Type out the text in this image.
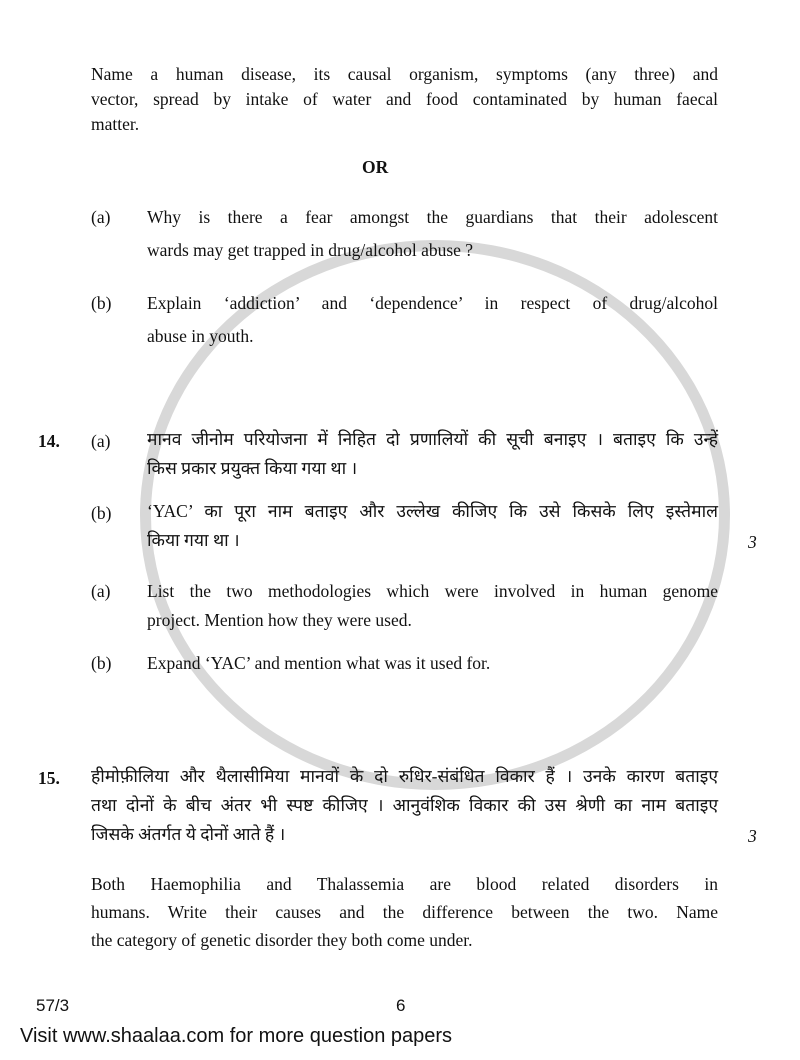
Name a human disease, its causal organism, symptoms (any three) and
vector, spread by intake of water and food contaminated by human faecal
matter.
OR
(a) Why is there a fear amongst the guardians that their adolescent
wards may get trapped in drug/alcohol abuse ?
(b) Explain ‘addiction’ and ‘dependence’ in respect of drug/alcohol
abuse in youth.
14. (a) मानव जीनोम परियोजना में निहित दो प्रणालियों की सूची बनाइए । बताइए कि उन्हें
किस प्रकार प्रयुक्त किया गया था ।
(b) ‘YAC’ का पूरा नाम बताइए और उल्लेख कीजिए कि उसे किसके लिए इस्तेमाल
किया गया था ।	3
(a) List the two methodologies which were involved in human genome
project. Mention how they were used.
(b) Expand ‘YAC’ and mention what was it used for.
15. हीमोफ़ीलिया और थैलासीमिया मानवों के दो रुधिर-संबंधित विकार हैं । उनके कारण बताइए
तथा दोनों के बीच अंतर भी स्पष्ट कीजिए । आनुवंशिक विकार की उस श्रेणी का नाम बताइए
जिसके अंतर्गत ये दोनों आते हैं ।	3
Both Haemophilia and Thalassemia are blood related disorders in
humans. Write their causes and the difference between the two. Name
the category of genetic disorder they both come under.
57/3	6
Visit www.shaalaa.com for more question papers
